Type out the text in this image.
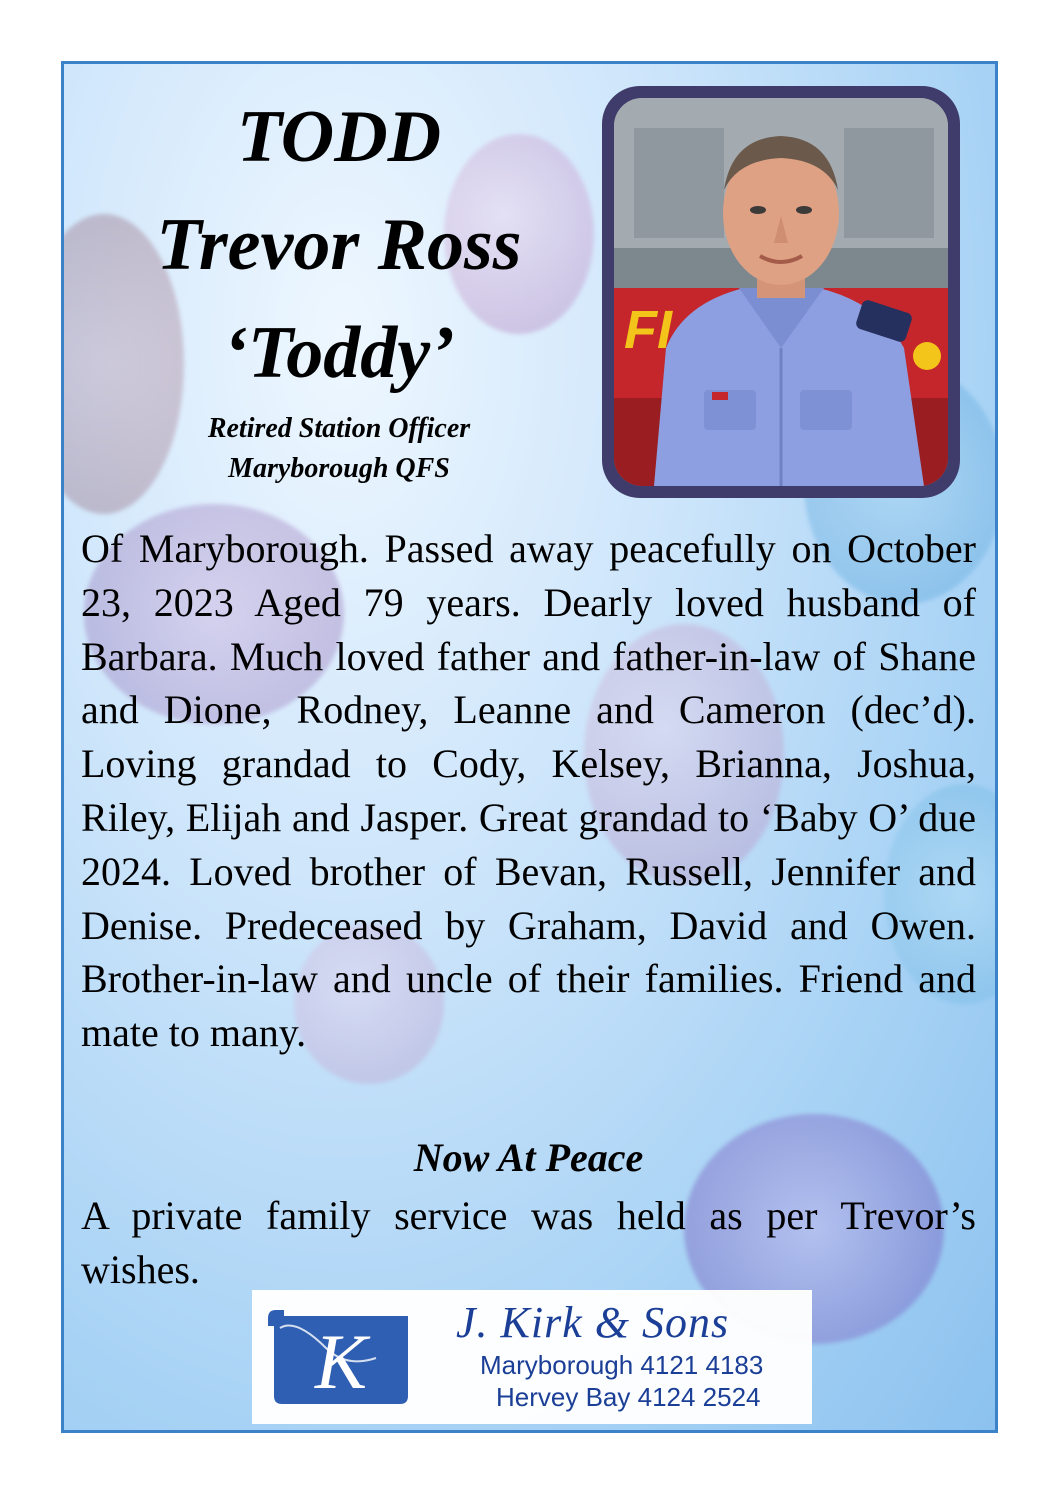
TODD
Trevor Ross
‘Toddy’
Retired Station Officer
Maryborough QFS
FI

Of Maryborough. Passed away peacefully on October 23, 2023 Aged 79 years. Dearly loved husband of Barbara. Much loved father and father-in-law of Shane and Dione, Rodney, Leanne and Cameron (dec’d). Loving grandad to Cody, Kelsey, Brianna, Joshua, Riley, Elijah and Jasper. Great grandad to ‘Baby O’ due 2024. Loved brother of Bevan, Russell, Jennifer and Denise. Predeceased by Graham, David and Owen. Brother-in-law and uncle of their families. Friend and mate to many.

Now At Peace

A private family service was held as per Trevor’s wishes.

K J. Kirk & Sons
Maryborough 4121 4183
Hervey Bay 4124 2524
